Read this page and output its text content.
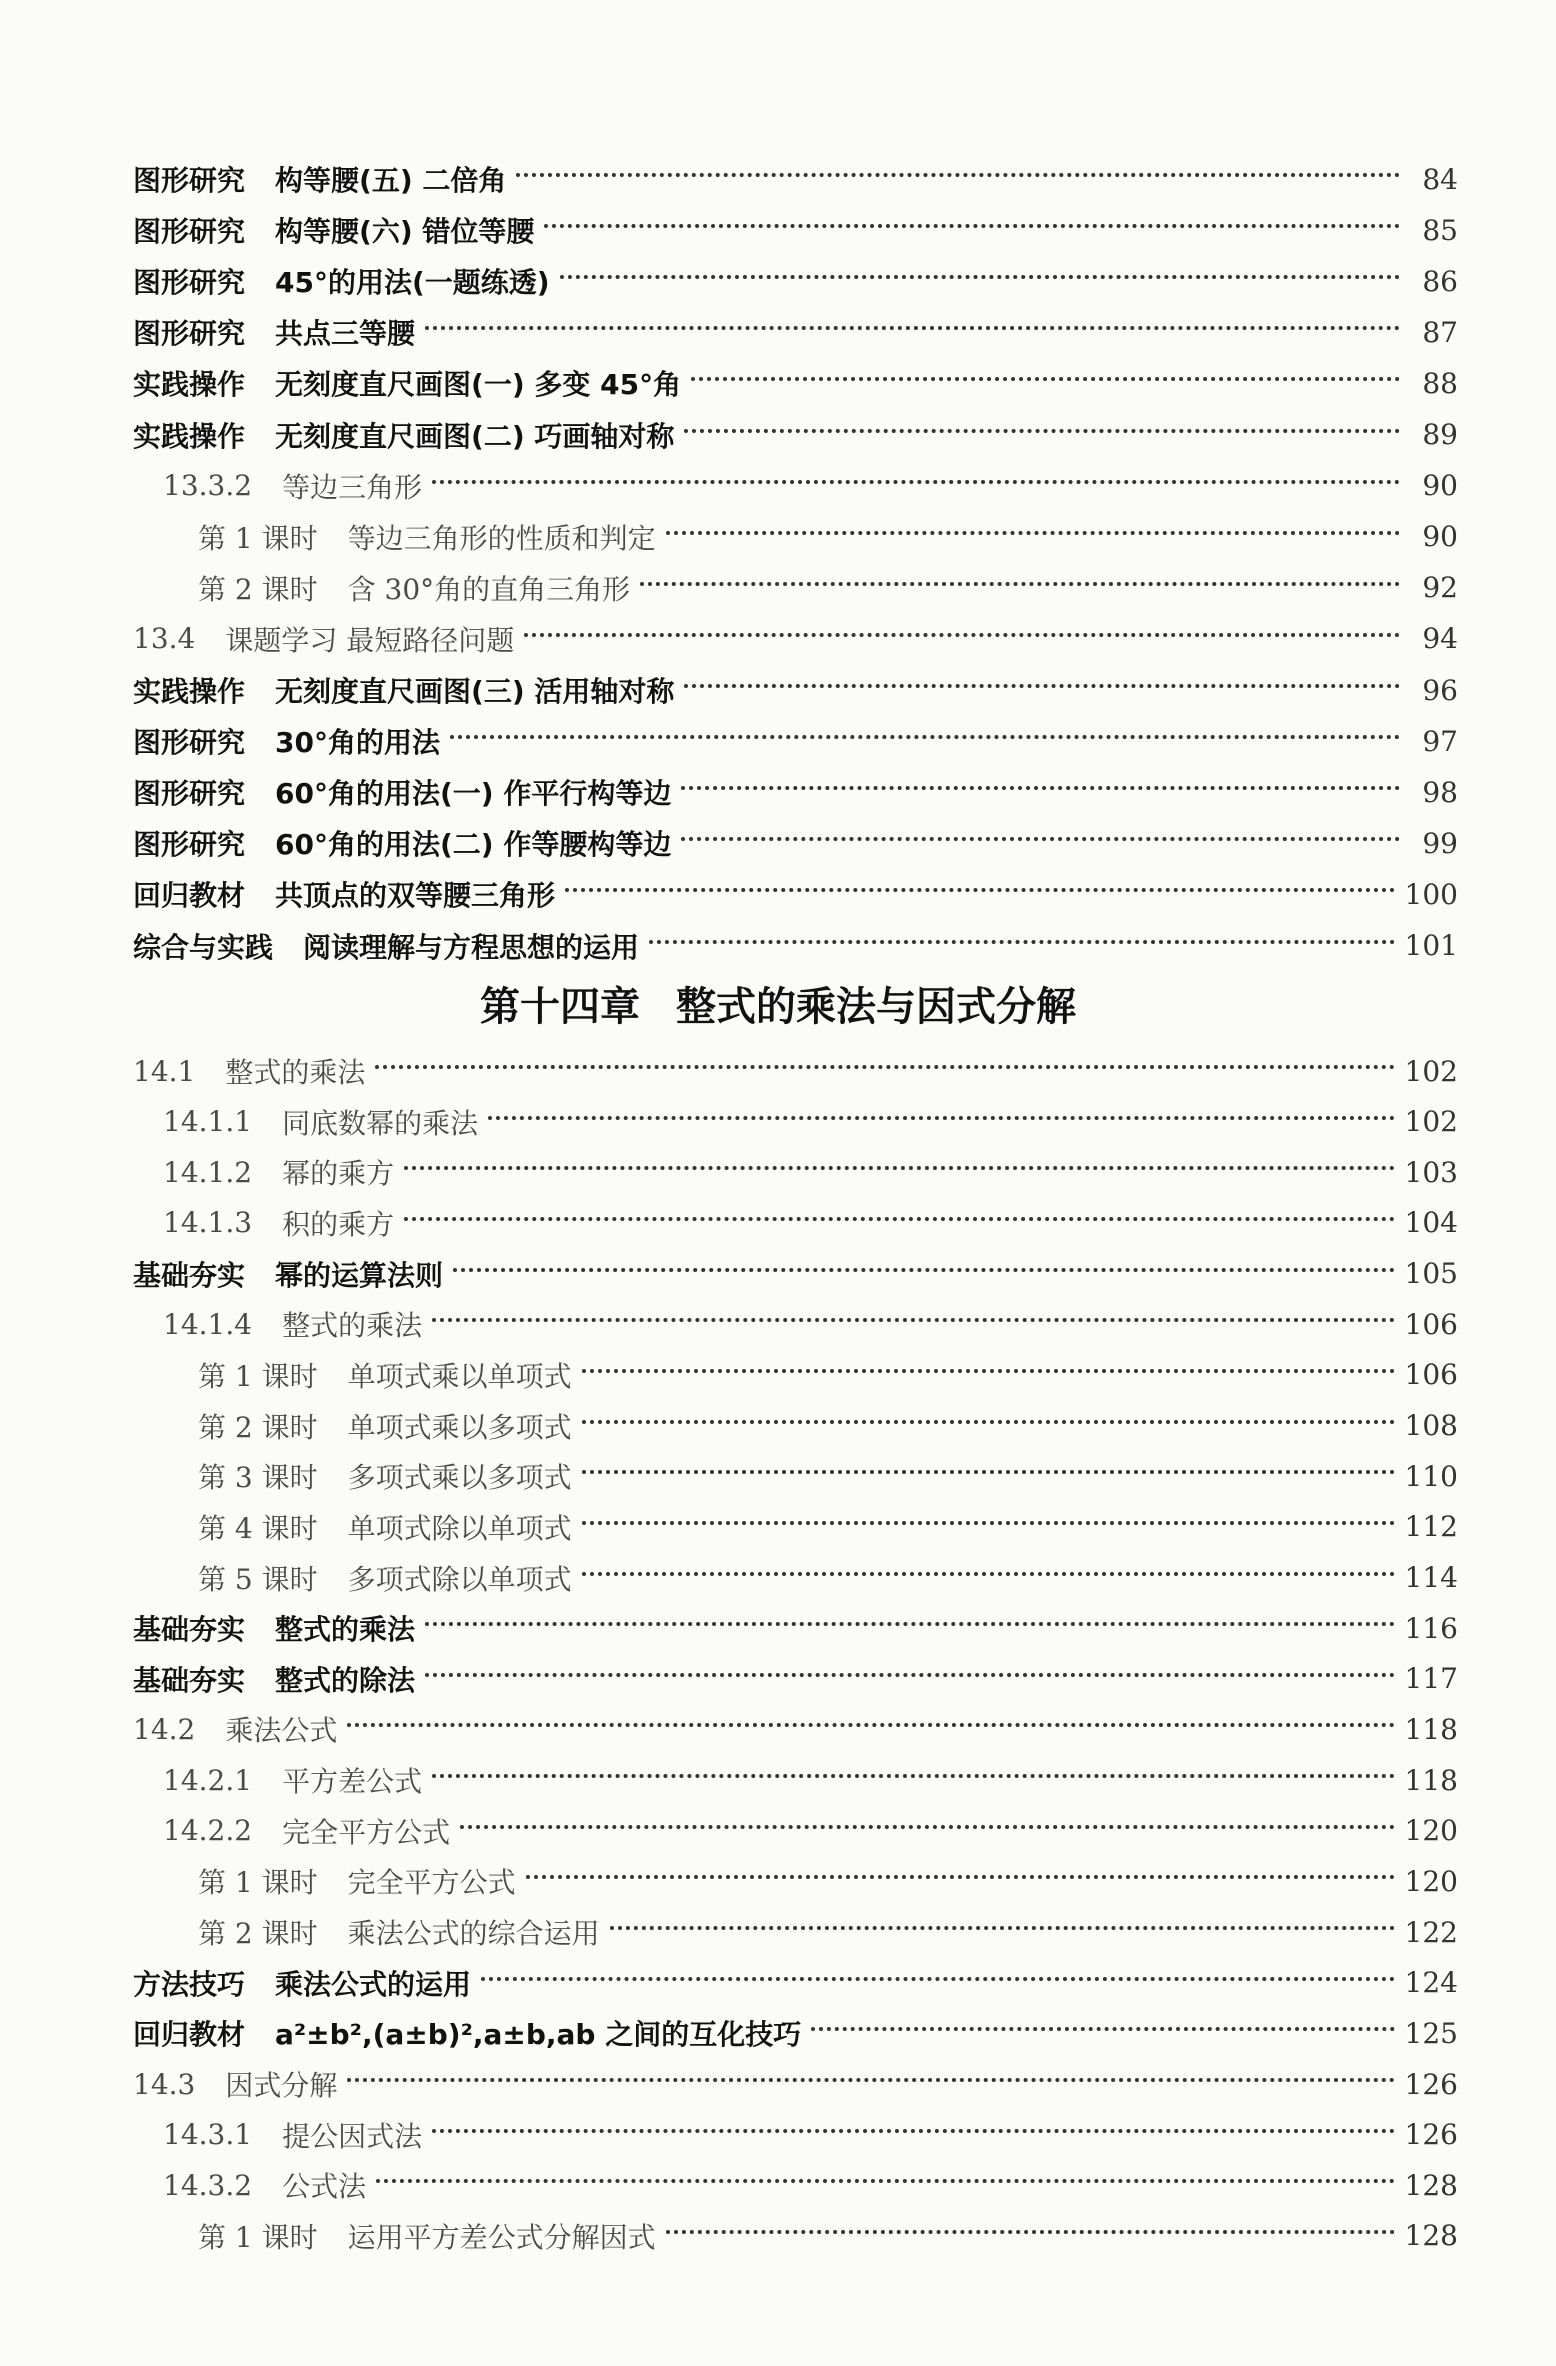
第十四章 整式的乘法与因式分解
图形研究 构等腰(五) 二倍角	84
图形研究 构等腰(六) 错位等腰	85
图形研究 45°的用法(一题练透)	86
图形研究 共点三等腰	87
实践操作 无刻度直尺画图(一) 多变 45°角	88
实践操作 无刻度直尺画图(二) 巧画轴对称	89
13.3.2 等边三角形	90
第 1 课时 等边三角形的性质和判定	90
第 2 课时 含 30°角的直角三角形	92
13.4 课题学习 最短路径问题	94
实践操作 无刻度直尺画图(三) 活用轴对称	96
图形研究 30°角的用法	97
图形研究 60°角的用法(一) 作平行构等边	98
图形研究 60°角的用法(二) 作等腰构等边	99
回归教材 共顶点的双等腰三角形	100
综合与实践 阅读理解与方程思想的运用	101
14.1 整式的乘法	102
14.1.1 同底数幂的乘法	102
14.1.2 幂的乘方	103
14.1.3 积的乘方	104
基础夯实 幂的运算法则	105
14.1.4 整式的乘法	106
第 1 课时 单项式乘以单项式	106
第 2 课时 单项式乘以多项式	108
第 3 课时 多项式乘以多项式	110
第 4 课时 单项式除以单项式	112
第 5 课时 多项式除以单项式	114
基础夯实 整式的乘法	116
基础夯实 整式的除法	117
14.2 乘法公式	118
14.2.1 平方差公式	118
14.2.2 完全平方公式	120
第 1 课时 完全平方公式	120
第 2 课时 乘法公式的综合运用	122
方法技巧 乘法公式的运用	124
回归教材 a²±b²,(a±b)²,a±b,ab 之间的互化技巧	125
14.3 因式分解	126
14.3.1 提公因式法	126
14.3.2 公式法	128
第 1 课时 运用平方差公式分解因式	128
